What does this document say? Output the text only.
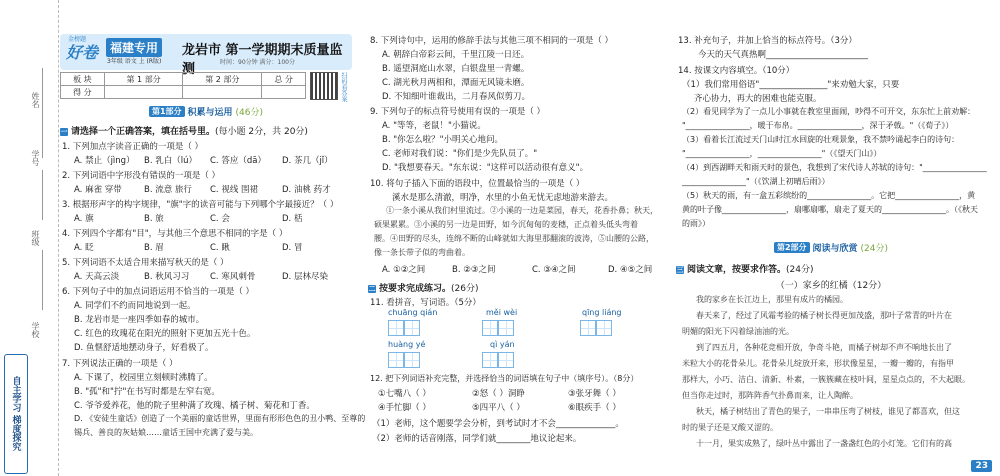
姓名
学号
班级
学校
自主学习 梯度探究
金榜题
好卷 福建专用
3年级 语文 上 (R版)
龙岩市 第一学期期末质量监测	时间：90分钟 满分：100分
板 块	第 1 部分	第 2 部分	总 分
得 分				扫码看答案
第1部分 积累与运用 (46分)
一 请选择一个正确答案，填在括号里。(每小题 2分，共 20分)
1. 下列加点字读音正确的一项是（ ）
A. 禁止（jìng） B. 乳白（lú） C. 答应（dā） D. 茶几（jǐ）
2. 下列词语中字形没有错误的一项是（ ）
A. 麻雀 穿带	B. 流意 旅行 C. 视线 围裙	D. 油桃 药才
3. 根据形声字的构字规律，"旗"字的读音可能与下列哪个字最接近？（ ）
A. 旗	B. 旅	C. 会	D. 栝
4. 下列四个字都有"目"，与其他三个意思不相同的字是（ ）
A. 眨	B. 眉	C. 瞅	D. 冒
5. 下列词语不太适合用来描写秋天的是（ ）
A. 天高云淡	B. 秋风习习 C. 寒风刺骨	D. 层林尽染
6. 下列句子中的加点词语运用不恰当的一项是（ ）
A. 同学们不约而同地说到一起。
B. 龙岩市是一座四季如春的城市。
C. 红色的玫瑰花在阳光的照射下更加五光十色。
D. 鱼惬舒适地摆动身子，好看极了。
7. 下列说法正确的一项是（ ）
A. 下课了，校园里立刻顿时沸腾了。
B. "孤"和"拧"在书写时都是左窄右宽。
C. 爷爷爱养花，他的院子里种满了玫瑰、橘子树、菊花和丁香。
D. 《安徒生童话》创造了一个美丽的童话世界，里面有形形色色的丑小鸭、至尊的
锡兵、善良的灰姑娘……童话王国中充满了爱与美。
8. 下列诗句中，运用的修辞手法与其他三项不相同的一项是（ ）
A. 朝辞白帝彩云间，千里江陵一日还。
B. 遥望洞庭山水翠，白银盘里一青螺。
C. 湖光秋月两相和，潭面无风镜未磨。
D. 不知细叶谁裁出，二月春风似剪刀。
9. 下列句子的标点符号使用有误的一项是（ ）
A. "等等，老鼠！"小猫说。
B. "你怎么啦？"小明关心地问。
C. 老师对我们说："你们是少先队员了。"
D. "我想要春天。"东东说："这样可以活动很有意义"。
10. 将句子插入下面的语段中，位置最恰当的一项是（ ）
溪水是那么清澈，明净，水里的小鱼无忧无虑地游来游去。
①一条小溪从我们村里流过。②小溪的一边是菜园，春天，花香扑鼻；秋天，
硕果累累。③小溪的另一边是田野，如今沉甸甸的麦穗，正点着头低头弯着
腰。④田野的尽头，连绵不断的山峰就如大海里那翻滚的波涛，⑤山腰的公路，
像一条长带子似的弯曲着。
A. ①②之间	B. ②③之间	C. ③④之间	D. ④⑤之间
二 按要求完成练习。(26分)
11. 看拼音，写词语。（5分）
chuāng qián	měi wèi	qīng liáng
huàng yé	qì yán
12. 把下列词语补充完整，并选择恰当的词语填在句子中（填序号）。（8分）
①七嘴八（ ）	②怒（ ）洞睁	③张牙舞（ ）
④手忙脚（ ）	⑤四平八（ ）	⑥眼疾手（ ）
（1）老师，这个题要学会分析，到考试时才不会______________。
（2）老师的话音刚落，同学们就________地议论起来。
13. 补充句子，并加上恰当的标点符号。（3分）
今天的天气真热啊________________________
14. 按课文内容填空。（10分）
（1）我们常用俗语"________________"来劝勉大家，只要
齐心协力，再大的困难也能克服。
（2）看见同学为了一点儿小事就在教室里面闹，吵得不可开交，东东忙上前劝解：
"________________，暖于布帛。________________，深于矛戟。"（《荀子》）
（3）看着长江流过天门山时江水回旋的壮观景象，我不禁吟诵起李白的诗句：
"________________，________________"（《望天门山》）
（4）到西湖畔天和雨天时的景色，我想到了宋代诗人苏轼的诗句："________________
________________"（《饮湖上初晴后雨》）
（5）秋天的雨，有一盒五彩缤纷的________________。它把________________，黄
黄的叶子像________________，扇哪扇哪，扇走了夏天的________________。（《秋天
的雨》）
第2部分 阅读与欣赏 (24分)
三 阅读文章，按要求作答。(24分)
（一）家乡的红橘（12分）
我的家乡在长江边上，那里有成片的橘园。
春天来了，经过了风霜考验的橘子树长得更加茂盛，那叶子常青的叶片在
明媚的阳光下闪着绿油油的光。
到了四五月，各种花竞相开放，争奇斗艳，而橘子树却不声不响地长出了
米粒大小的花骨朵儿。花骨朵儿绽放开来，形状像星星，一瓣一瓣的，有指甲
那样大，小巧、洁白、清新、朴素，一簇簇藏在枝叶间，星星点点的，不大起眼。
但当你走过时，那阵阵香气扑鼻而来，让人陶醉。
秋天，橘子树结出了青色的果子，一串串压弯了树枝，谁见了都喜欢，但这
时的果子还是又酸又涩的。
十一月，果实成熟了，绿叶丛中露出了一盏盏红色的小灯笼。它们有的高
23
